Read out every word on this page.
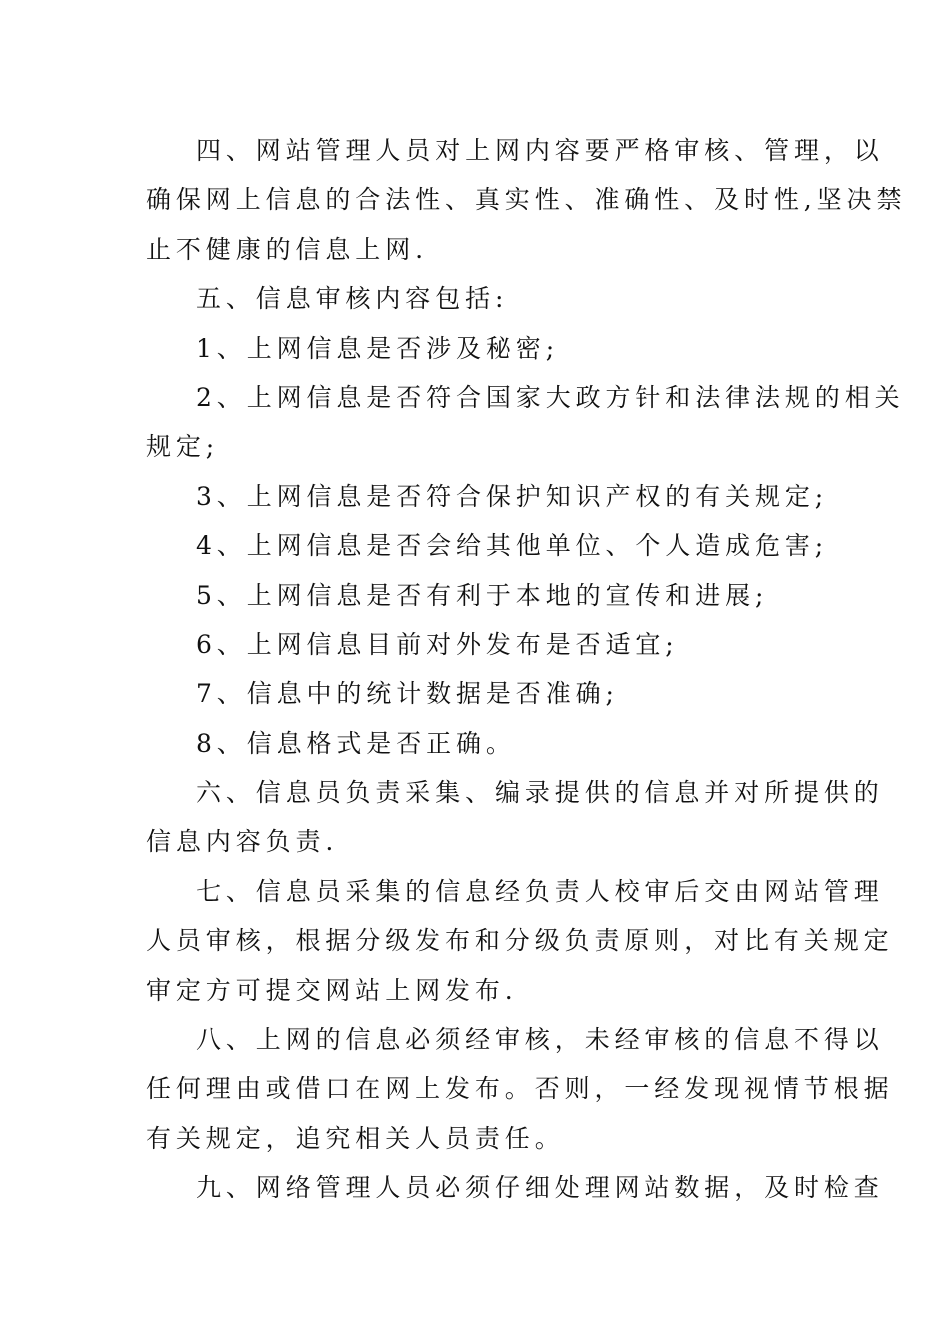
四、网站管理人员对上网内容要严格审核、管理，以
确保网上信息的合法性、真实性、准确性、及时性,坚决禁
止不健康的信息上网.
五、信息审核内容包括:
1、上网信息是否涉及秘密;
2、上网信息是否符合国家大政方针和法律法规的相关
规定;
3、上网信息是否符合保护知识产权的有关规定;
4、上网信息是否会给其他单位、个人造成危害;
5、上网信息是否有利于本地的宣传和进展;
6、上网信息目前对外发布是否适宜;
7、信息中的统计数据是否准确;
8、信息格式是否正确。
六、信息员负责采集、编录提供的信息并对所提供的
信息内容负责.
七、信息员采集的信息经负责人校审后交由网站管理
人员审核，根据分级发布和分级负责原则，对比有关规定
审定方可提交网站上网发布.
八、上网的信息必须经审核，未经审核的信息不得以
任何理由或借口在网上发布。否则，一经发现视情节根据
有关规定，追究相关人员责任。
九、网络管理人员必须仔细处理网站数据，及时检查
